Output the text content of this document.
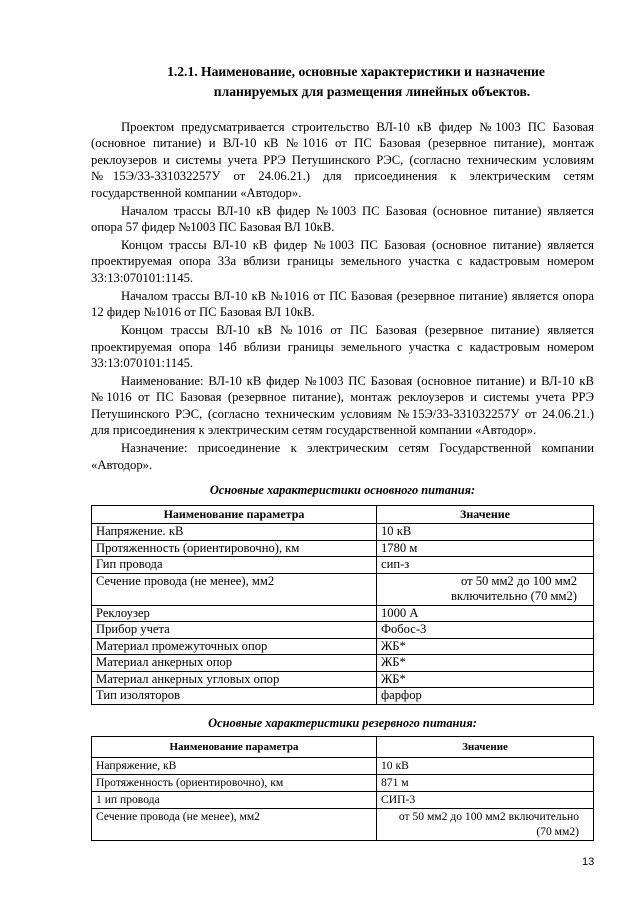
1.2.1. Наименование, основные характеристики и назначение
планируемых для размещения линейных объектов.

Проектом предусматривается строительство ВЛ-10 кВ фидер №1003 ПС Базовая (основное питание) и ВЛ-10 кВ №1016 от ПС Базовая (резервное питание), монтаж реклоузеров и системы учета РРЭ Петушинского РЭС, (согласно техническим условиям №15Э/33-331032257У от 24.06.21.) для присоединения к электрическим сетям государственной компании «Автодор».

Началом трассы ВЛ-10 кВ фидер №1003 ПС Базовая (основное питание) является опора 57 фидер №1003 ПС Базовая ВЛ 10кВ.

Концом трассы ВЛ-10 кВ фидер №1003 ПС Базовая (основное питание) является проектируемая опора 33а вблизи границы земельного участка с кадастровым номером 33:13:070101:1145.

Началом трассы ВЛ-10 кВ №1016 от ПС Базовая (резервное питание) является опора 12 фидер №1016 от ПС Базовая ВЛ 10кВ.

Концом трассы ВЛ-10 кВ №1016 от ПС Базовая (резервное питание) является проектируемая опора 14б вблизи границы земельного участка с кадастровым номером 33:13:070101:1145.

Наименование: ВЛ-10 кВ фидер №1003 ПС Базовая (основное питание) и ВЛ-10 кВ №1016 от ПС Базовая (резервное питание), монтаж реклоузеров и системы учета РРЭ Петушинского РЭС, (согласно техническим условиям №15Э/33-331032257У от 24.06.21.) для присоединения к электрическим сетям государственной компании «Автодор».

Назначение: присоединение к электрическим сетям Государственной компании «Автодор».

Основные характеристики основного питания:
Наименование параметра	Значение
Напряжение. кВ	10 кВ
Протяженность (ориентировочно), км	1780 м
Гип провода	сип-з
Сечение провода (не менее), мм2	от 50 мм2 до 100 мм2
включительно (70 мм2)

Реклоузер	1000 А
Прибор учета	Фобос-3
Материал промежуточных опор	ЖБ*
Материал анкерных опор	ЖБ*
Материал анкерных угловых опор	ЖБ*
Тип изоляторов	фарфор
Основные характеристики резервного питания:
Наименование параметра	Значение
Напряжение, кВ	10 кВ
Протяженность (ориентировочно), км	871 м
1 ип провода	СИП-3
Сечение провода (не менее), мм2	от 50 мм2 до 100 мм2 включительно
(70 мм2)
13
